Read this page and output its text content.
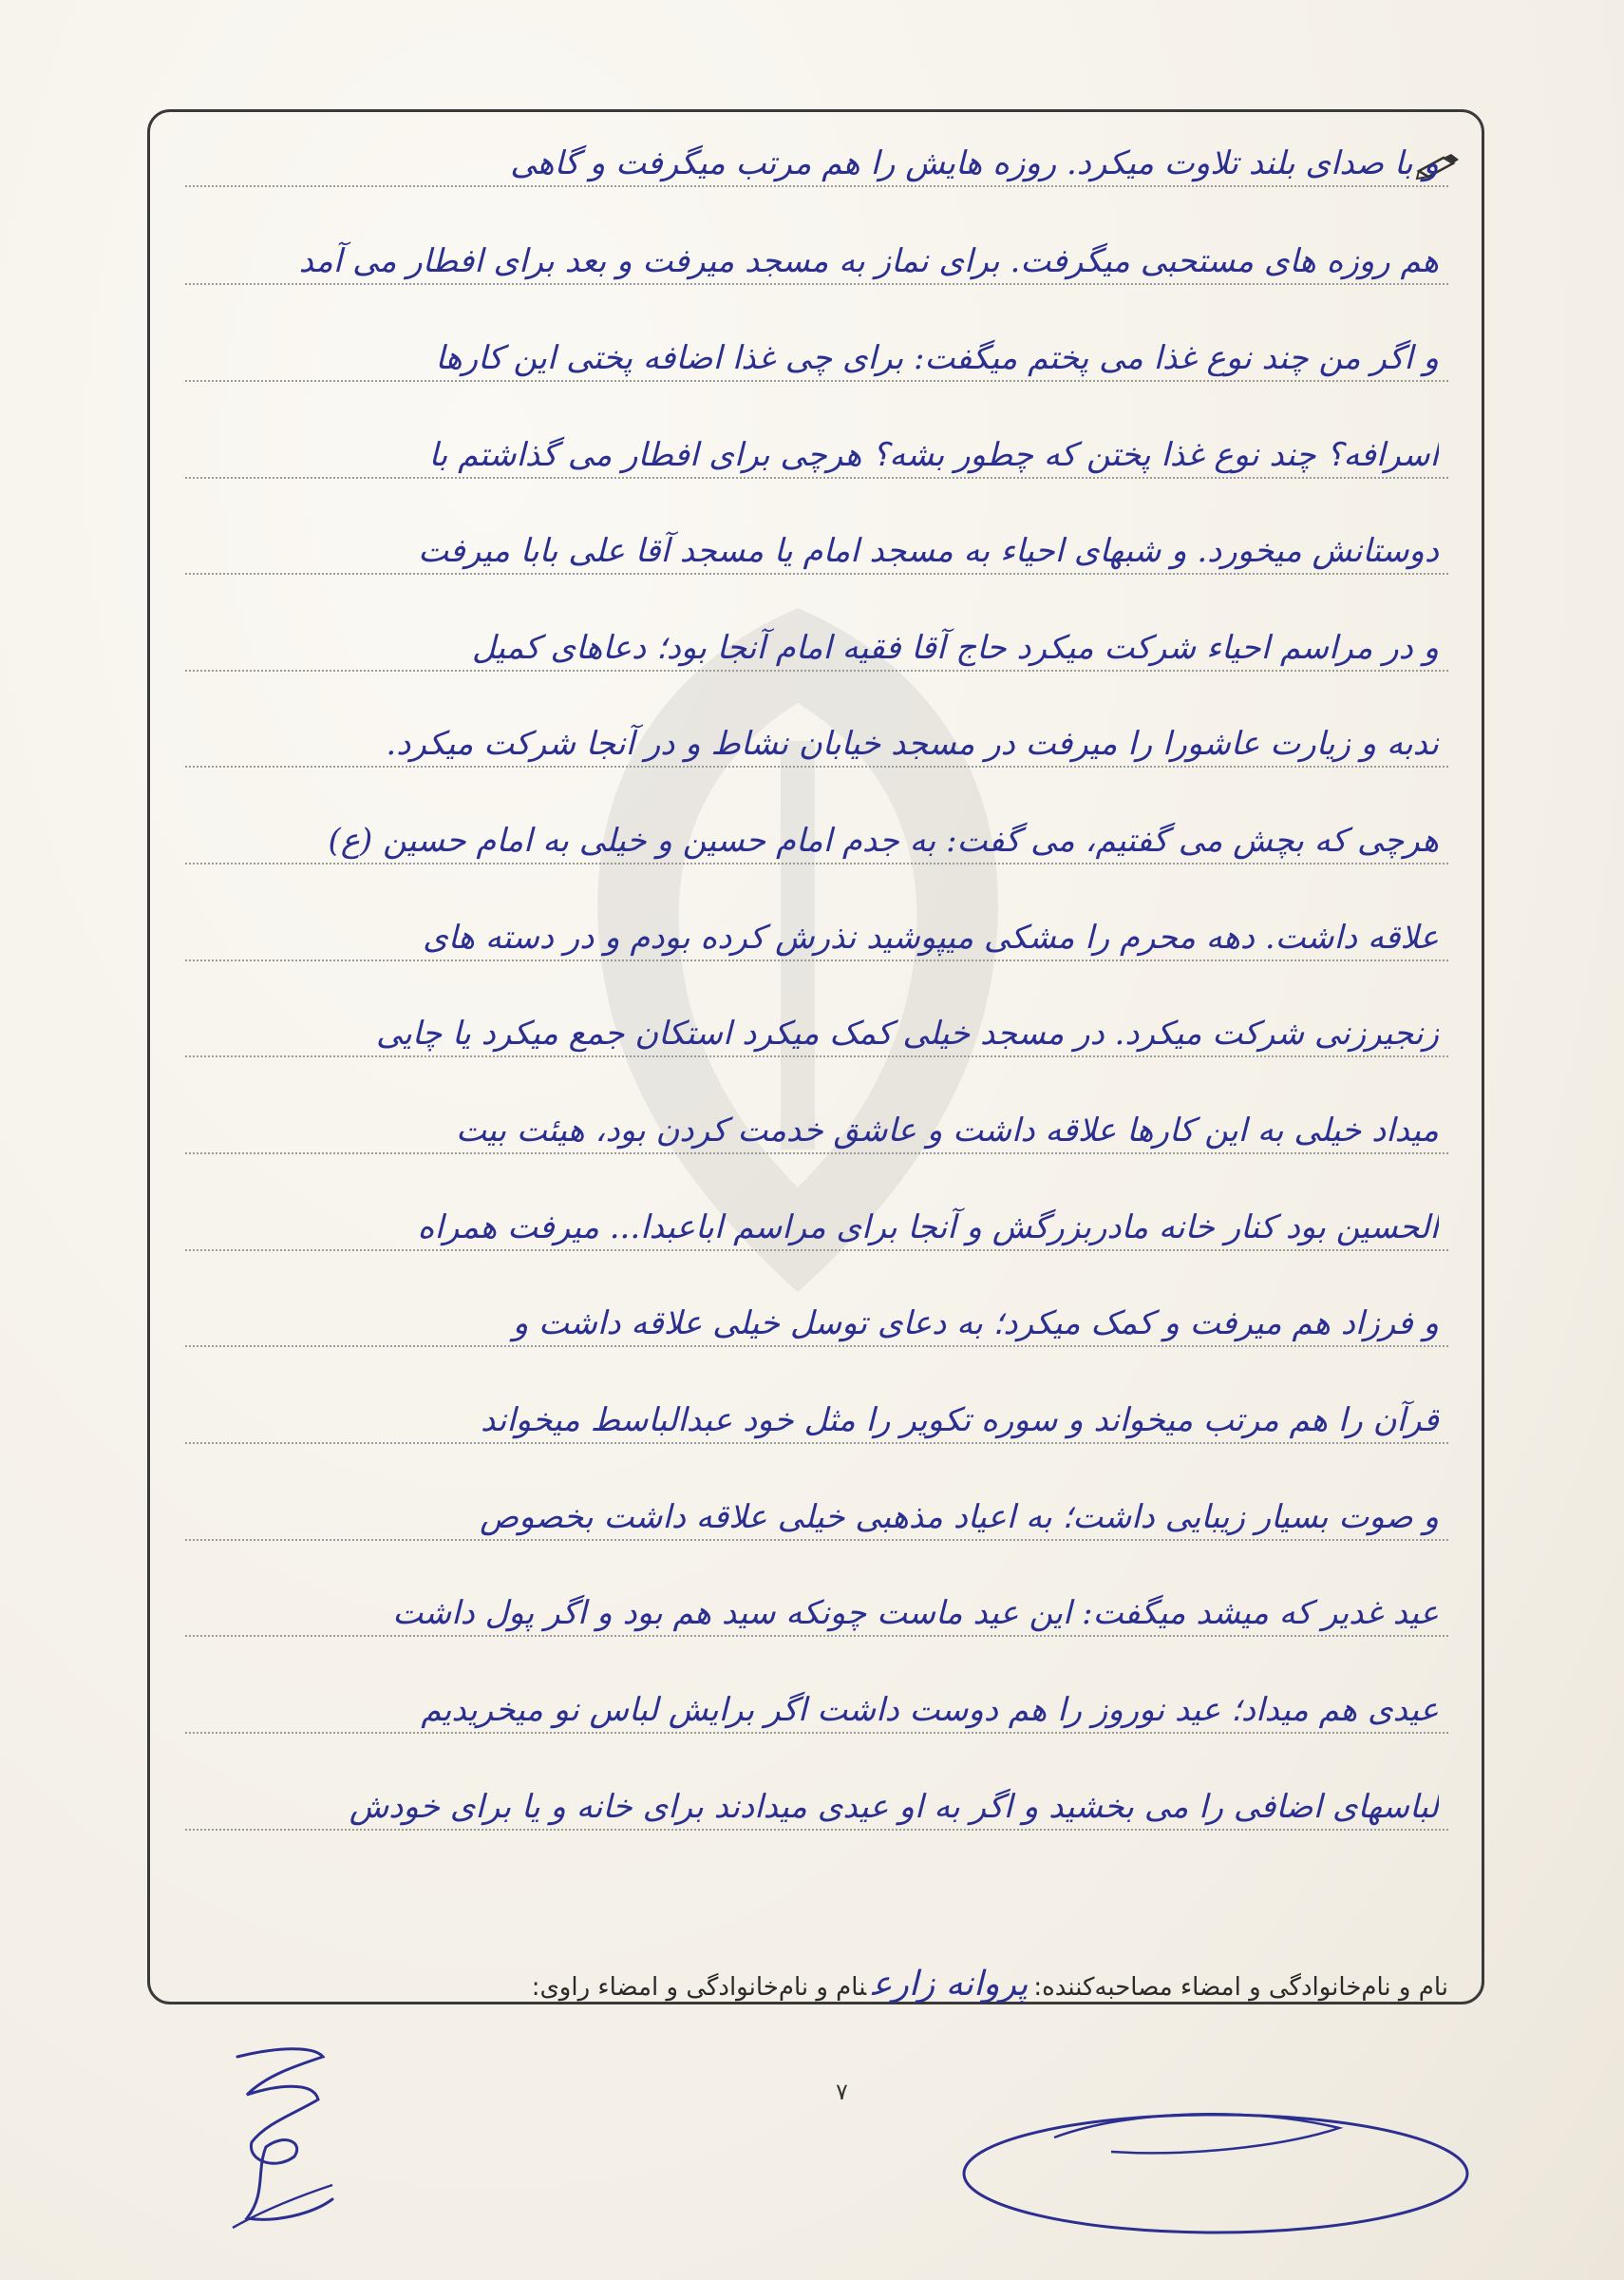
و با صدای بلند تلاوت میکرد. روزه هایش را هم مرتب میگرفت و گاهی
هم روزه های مستحبی میگرفت. برای نماز به مسجد میرفت و بعد برای افطار می آمد
و اگر من چند نوع غذا می پختم میگفت: برای چی غذا اضافه پختی این کارها
اسرافه؟ چند نوع غذا پختن که چطور بشه؟ هرچی برای افطار می گذاشتم با
دوستانش میخورد. و شبهای احیاء به مسجد امام یا مسجد آقا علی بابا میرفت
و در مراسم احیاء شرکت میکرد حاج آقا فقیه امام آنجا بود؛ دعاهای کمیل
ندبه و زیارت عاشورا را میرفت در مسجد خیابان نشاط و در آنجا شرکت میکرد.
هرچی که بچش می گفتیم، می گفت: به جدم امام حسین و خیلی به امام حسین (ع)
علاقه داشت. دهه محرم را مشکی میپوشید نذرش کرده بودم و در دسته های
زنجیرزنی شرکت میکرد. در مسجد خیلی کمک میکرد استکان جمع میکرد یا چایی
میداد خیلی به این کارها علاقه داشت و عاشق خدمت کردن بود، هیئت بیت
الحسین بود کنار خانه مادربزرگش و آنجا برای مراسم اباعبدا... میرفت همراه
و فرزاد هم میرفت و کمک میکرد؛ به دعای توسل خیلی علاقه داشت و
قرآن را هم مرتب میخواند و سوره تکویر را مثل خود عبدالباسط میخواند
و صوت بسیار زیبایی داشت؛ به اعیاد مذهبی خیلی علاقه داشت بخصوص
عید غدیر که میشد میگفت: این عید ماست چونکه سید هم بود و اگر پول داشت
عیدی هم میداد؛ عید نوروز را هم دوست داشت اگر برایش لباس نو میخریدیم
لباسهای اضافی را می بخشید و اگر به او عیدی میدادند برای خانه و یا برای خودش
نام و نام‌خانوادگی و امضاء مصاحبه‌کننده:پروانه زارعنام و نام‌خانوادگی و امضاء راوی:
۷
